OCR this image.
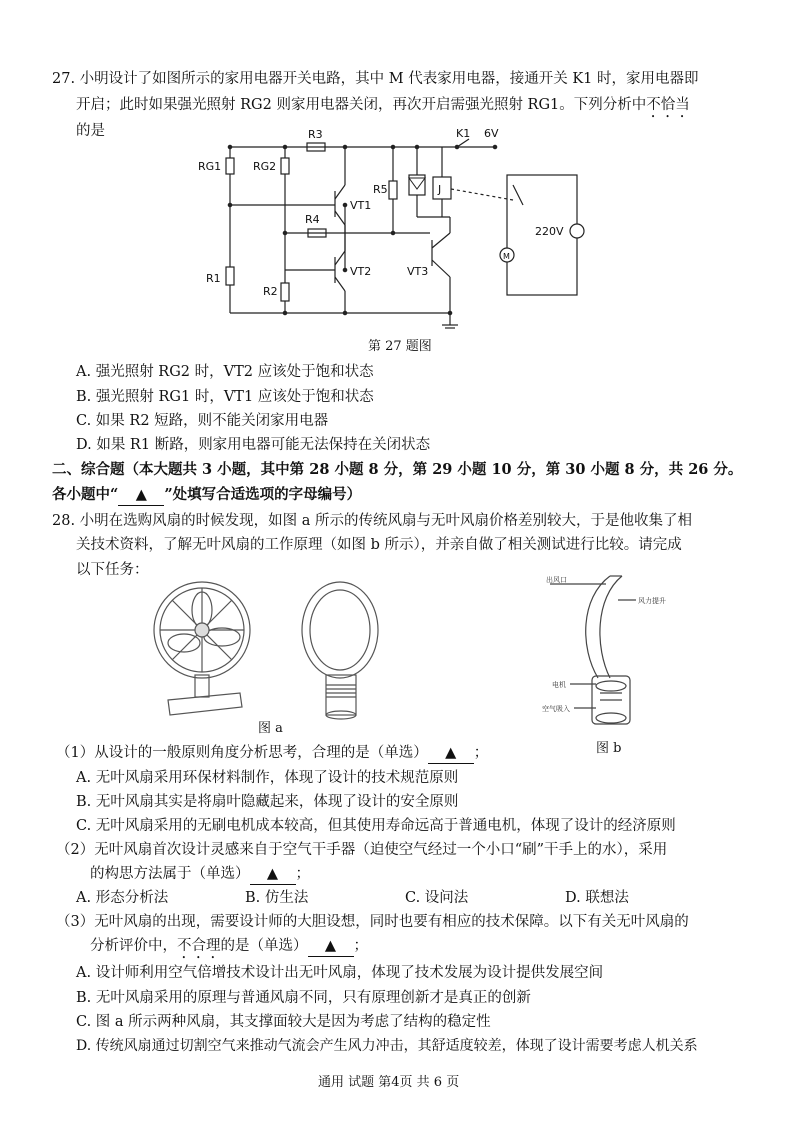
27. 小明设计了如图所示的家用电器开关电路，其中 M 代表家用电器，接通开关 K1 时，家用电器即
开启；此时如果强光照射 RG2 则家用电器关闭，再次开启需强光照射 RG1。下列分析中不恰当
的是
RG1	RG2
R3
R4
R5
R1
R2
VT1
VT2	VT3
K1 6V
J
220V
M
第 27 题图
A. 强光照射 RG2 时，VT2 应该处于饱和状态
B. 强光照射 RG1 时，VT1 应该处于饱和状态
C. 如果 R2 短路，则不能关闭家用电器
D. 如果 R1 断路，则家用电器可能无法保持在关闭状态
二、综合题（本大题共 3 小题，其中第 28 小题 8 分，第 29 小题 10 分，第 30 小题 8 分，共 26 分。
各小题中“ ▲ ”处填写合适选项的字母编号）
28. 小明在选购风扇的时候发现，如图 a 所示的传统风扇与无叶风扇价格差别较大，于是他收集了相
关技术资料，了解无叶风扇的工作原理（如图 b 所示），并亲自做了相关测试进行比较。请完成
以下任务：
图 a
出风口
风力提升
电机
空气吸入
图 b
（1）从设计的一般原则角度分析思考，合理的是（单选） ▲ ；
A. 无叶风扇采用环保材料制作，体现了设计的技术规范原则
B. 无叶风扇其实是将扇叶隐藏起来，体现了设计的安全原则
C. 无叶风扇采用的无刷电机成本较高，但其使用寿命远高于普通电机，体现了设计的经济原则
（2）无叶风扇首次设计灵感来自于空气干手器（迫使空气经过一个小口“刷”干手上的水），采用
的构思方法属于（单选） ▲ ；
A. 形态分析法	B. 仿生法	C. 设问法	D. 联想法
（3）无叶风扇的出现，需要设计师的大胆设想，同时也要有相应的技术保障。以下有关无叶风扇的
分析评价中，不合理的是（单选） ▲ ；
A. 设计师利用空气倍增技术设计出无叶风扇，体现了技术发展为设计提供发展空间
B. 无叶风扇采用的原理与普通风扇不同，只有原理创新才是真正的创新
C. 图 a 所示两种风扇，其支撑面较大是因为考虑了结构的稳定性
D. 传统风扇通过切割空气来推动气流会产生风力冲击，其舒适度较差，体现了设计需要考虑人机关系
通用 试题 第4页 共 6 页
